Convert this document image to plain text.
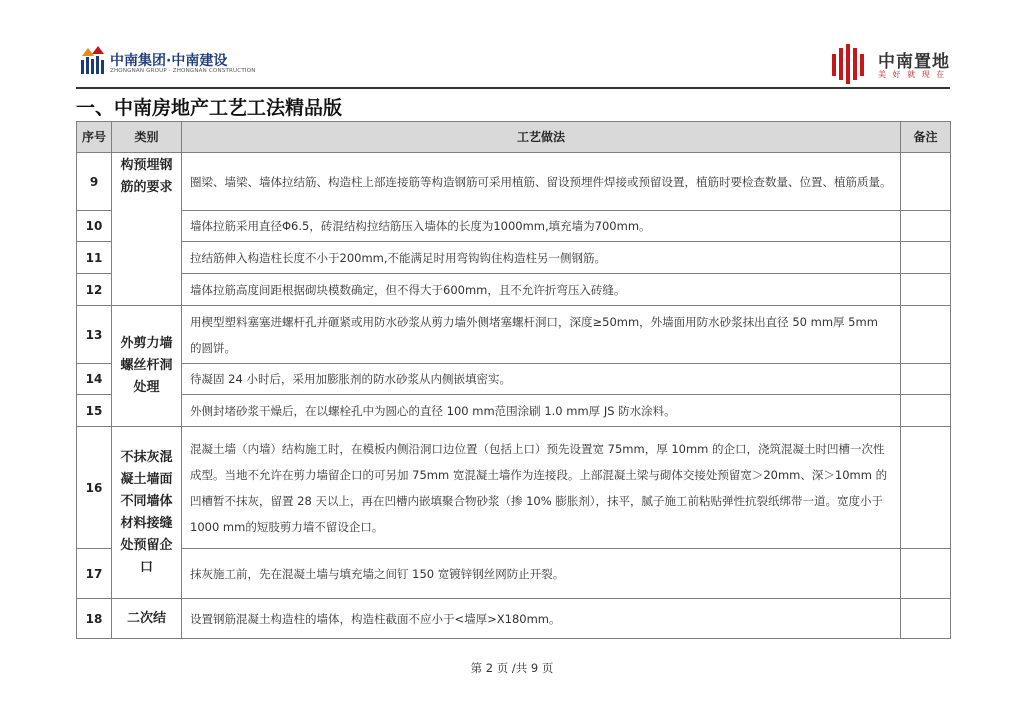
中南集团·中南建设
ZHONGNAN GROUP · ZHONGNAN CONSTRUCTION	中南置地
美 好 就 现 在
一、中南房地产工艺工法精品版
序号	类别	工艺做法	备注
9	构预埋钢筋的要求	圈梁、墙梁、墙体拉结筋、构造柱上部连接筋等构造钢筋可采用植筋、留设预埋件焊接或预留设置，植筋时要检查数量、位置、植筋质量。	
10		墙体拉筋采用直径Φ6.5，砖混结构拉结筋压入墙体的长度为1000mm,填充墙为700mm。	
11		拉结筋伸入构造柱长度不小于200mm,不能满足时用弯钩钩住构造柱另一侧钢筋。	
12		墙体拉筋高度间距根据砌块模数确定，但不得大于600mm，且不允许折弯压入砖缝。	
13	外剪力墙螺丝杆洞处理	用楔型塑料塞塞进螺杆孔并砸紧或用防水砂浆从剪力墙外侧堵塞螺杆洞口，深度≥50mm，外墙面用防水砂浆抹出直径 50 mm厚 5mm 的圆饼。	
14		待凝固 24 小时后，采用加膨胀剂的防水砂浆从内侧嵌填密实。	
15		外侧封堵砂浆干燥后，在以螺栓孔中为圆心的直径 100 mm范围涂刷 1.0 mm厚 JS 防水涂料。	
16	不抹灰混凝土墙面不同墙体材料接缝处预留企口	混凝土墙（内墙）结构施工时，在模板内侧沿洞口边位置（包括上口）预先设置宽 75mm，厚 10mm 的企口，浇筑混凝土时凹槽一次性成型。当地不允许在剪力墙留企口的可另加 75mm 宽混凝土墙作为连接段。上部混凝土梁与砌体交接处预留宽＞20mm、深＞10mm 的凹槽暂不抹灰，留置 28 天以上，再在凹槽内嵌填聚合物砂浆（掺 10% 膨胀剂），抹平，腻子施工前粘贴弹性抗裂纸绑带一道。宽度小于 1000 mm的短肢剪力墙不留设企口。	
17		抹灰施工前，先在混凝土墙与填充墙之间钉 150 宽镀锌钢丝网防止开裂。	
18	二次结	设置钢筋混凝土构造柱的墙体，构造柱截面不应小于<墙厚>X180mm。	
第 2 页 /共 9 页
